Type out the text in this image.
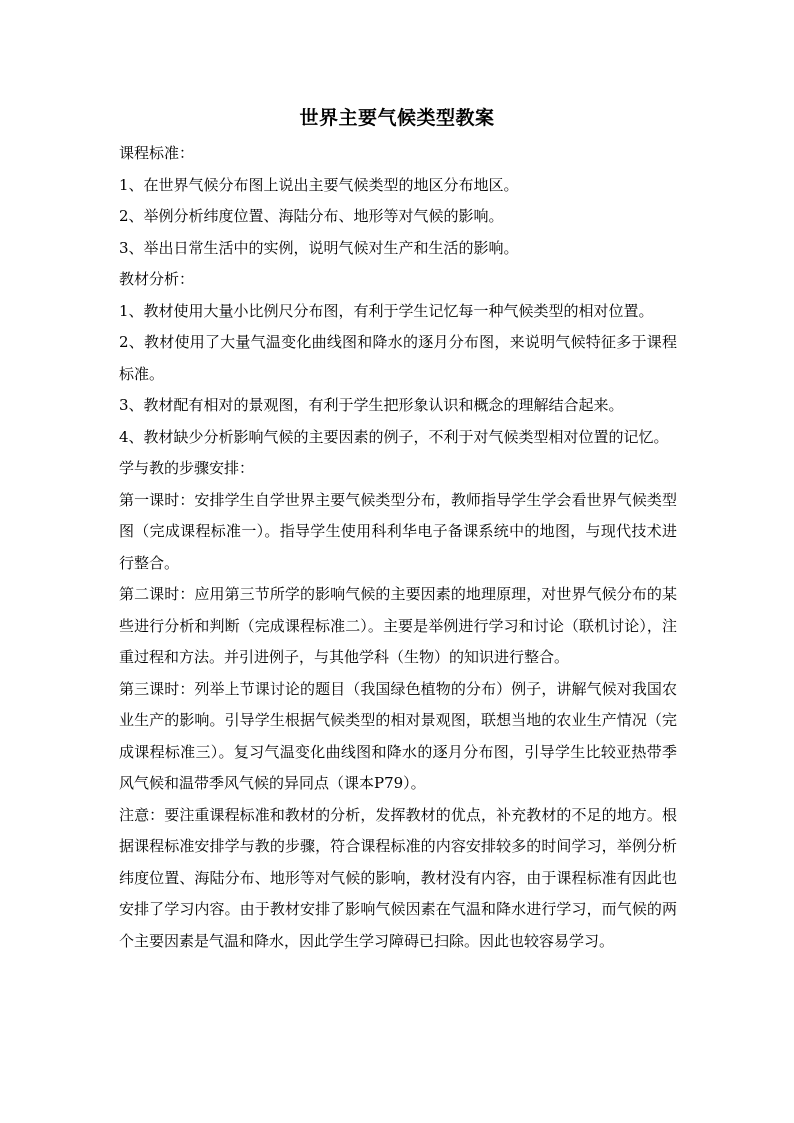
世界主要气候类型教案

课程标准：

1、在世界气候分布图上说出主要气候类型的地区分布地区。

2、举例分析纬度位置、海陆分布、地形等对气候的影响。

3、举出日常生活中的实例，说明气候对生产和生活的影响。

教材分析：

1、教材使用大量小比例尺分布图，有利于学生记忆每一种气候类型的相对位置。

2、教材使用了大量气温变化曲线图和降水的逐月分布图，来说明气候特征多于课程标准。

3、教材配有相对的景观图，有利于学生把形象认识和概念的理解结合起来。

4、教材缺少分析影响气候的主要因素的例子，不利于对气候类型相对位置的记忆。

学与教的步骤安排：

第一课时：安排学生自学世界主要气候类型分布，教师指导学生学会看世界气候类型图（完成课程标准一）。指导学生使用科利华电子备课系统中的地图，与现代技术进行整合。

第二课时：应用第三节所学的影响气候的主要因素的地理原理，对世界气候分布的某些进行分析和判断（完成课程标准二）。主要是举例进行学习和讨论（联机讨论），注重过程和方法。并引进例子，与其他学科（生物）的知识进行整合。

第三课时：列举上节课讨论的题目（我国绿色植物的分布）例子，讲解气候对我国农业生产的影响。引导学生根据气候类型的相对景观图，联想当地的农业生产情况（完成课程标准三）。复习气温变化曲线图和降水的逐月分布图，引导学生比较亚热带季风气候和温带季风气候的异同点（课本P79）。

注意：要注重课程标准和教材的分析，发挥教材的优点，补充教材的不足的地方。根据课程标准安排学与教的步骤，符合课程标准的内容安排较多的时间学习，举例分析纬度位置、海陆分布、地形等对气候的影响，教材没有内容，由于课程标准有因此也安排了学习内容。由于教材安排了影响气候因素在气温和降水进行学习，而气候的两个主要因素是气温和降水，因此学生学习障碍已扫除。因此也较容易学习。
